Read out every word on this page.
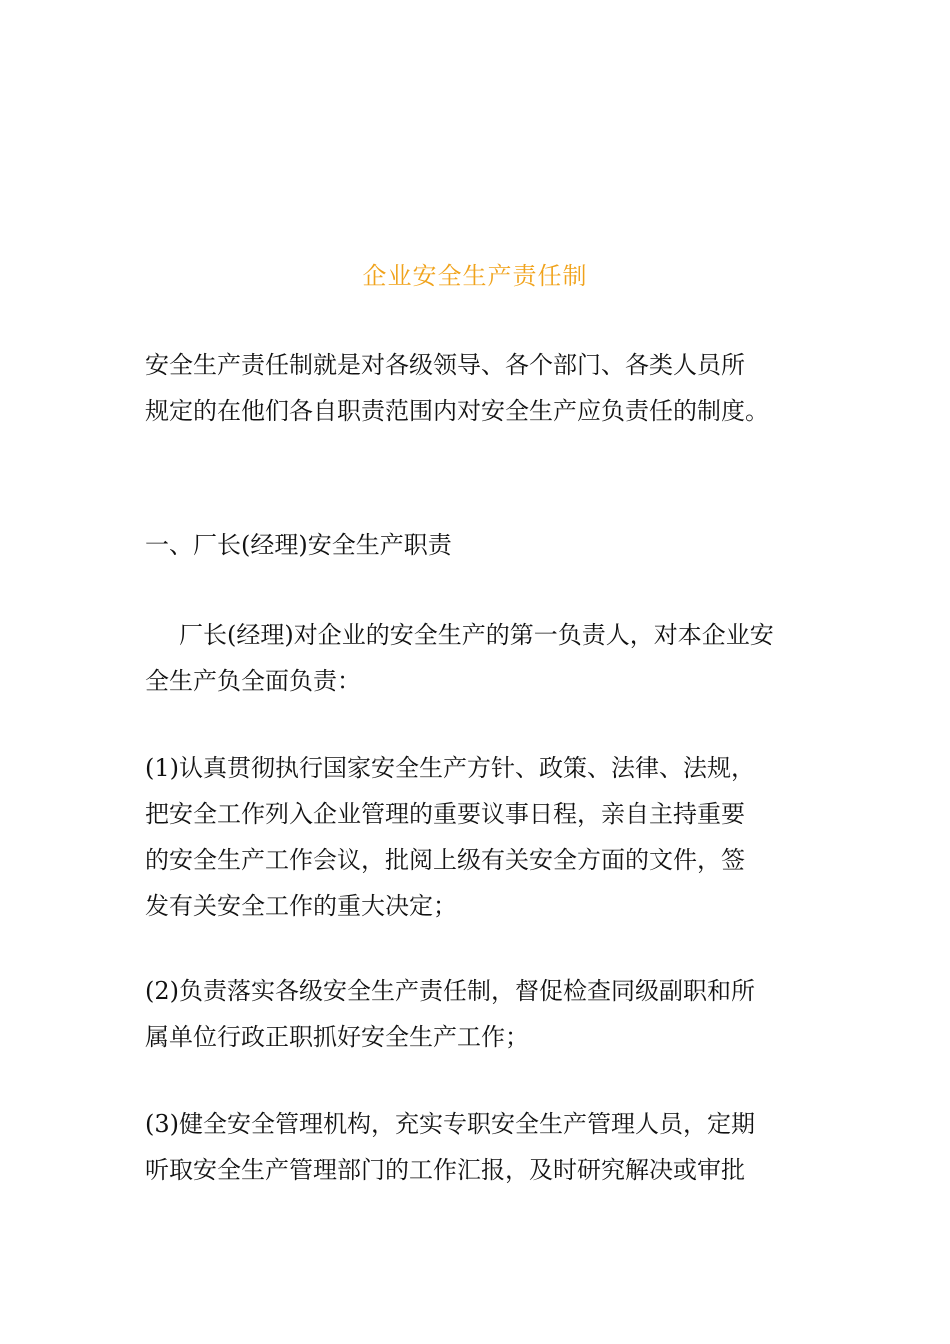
企业安全生产责任制
安全生产责任制就是对各级领导、各个部门、各类人员所
规定的在他们各自职责范围内对安全生产应负责任的制度。
一、厂长(经理)安全生产职责
厂长(经理)对企业的安全生产的第一负责人，对本企业安
全生产负全面负责：
(1)认真贯彻执行国家安全生产方针、政策、法律、法规，
把安全工作列入企业管理的重要议事日程，亲自主持重要
的安全生产工作会议，批阅上级有关安全方面的文件，签
发有关安全工作的重大决定；
(2)负责落实各级安全生产责任制，督促检查同级副职和所
属单位行政正职抓好安全生产工作；
(3)健全安全管理机构，充实专职安全生产管理人员，定期
听取安全生产管理部门的工作汇报，及时研究解决或审批
